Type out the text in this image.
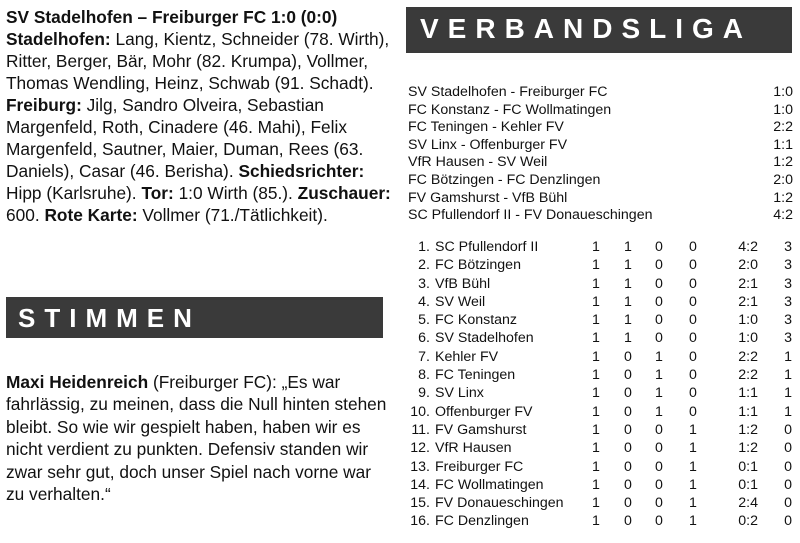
SV Stadelhofen – Freiburger FC 1:0 (0:0)
Stadelhofen: Lang, Kientz, Schneider (78. Wirth), Ritter, Berger, Bär, Mohr (82. Krumpa), Vollmer, Thomas Wendling, Heinz, Schwab (91. Schadt). Freiburg: Jilg, Sandro Olveira, Sebastian Margenfeld, Roth, Cinadere (46. Mahi), Felix Margenfeld, Sautner, Maier, Duman, Rees (63. Daniels), Casar (46. Berisha). Schiedsrichter: Hipp (Karlsruhe). Tor: 1:0 Wirth (85.). Zuschauer: 600. Rote Karte: Vollmer (71./Tätlichkeit).

STIMMEN

Maxi Heidenreich (Freiburger FC): „Es war fahrlässig, zu meinen, dass die Null hinten stehen bleibt. So wie wir gespielt haben, haben wir es nicht verdient zu punkten. Defensiv standen wir zwar sehr gut, doch unser Spiel nach vorne war zu verhalten.“

VERBANDSLIGA
SV Stadelhofen - Freiburger FC	1:0
FC Konstanz - FC Wollmatingen	1:0
FC Teningen - Kehler FV	2:2
SV Linx - Offenburger FV	1:1
VfR Hausen - SV Weil	1:2
FC Bötzingen - FC Denzlingen	2:0
FV Gamshurst - VfB Bühl	1:2
SC Pfullendorf II - FV Donaueschingen	4:2
1. SC Pfullendorf II	1 1 0 0	4:2	3
2. FC Bötzingen	1 1 0 0	2:0	3
3. VfB Bühl	1 1 0 0	2:1	3
4. SV Weil	1 1 0 0	2:1	3
5. FC Konstanz	1 1 0 0	1:0	3
6. SV Stadelhofen	1 1 0 0	1:0	3
7. Kehler FV	1 0 1 0	2:2	1
8. FC Teningen	1 0 1 0	2:2	1
9. SV Linx	1 0 1 0	1:1	1
10. Offenburger FV	1 0 1 0	1:1	1
11. FV Gamshurst	1 0 0 1	1:2	0
12. VfR Hausen	1 0 0 1	1:2	0
13. Freiburger FC	1 0 0 1	0:1	0
14. FC Wollmatingen	1 0 0 1	0:1	0
15. FV Donaueschingen 1 0 0 1	2:4	0
16. FC Denzlingen	1 0 0 1	0:2	0
